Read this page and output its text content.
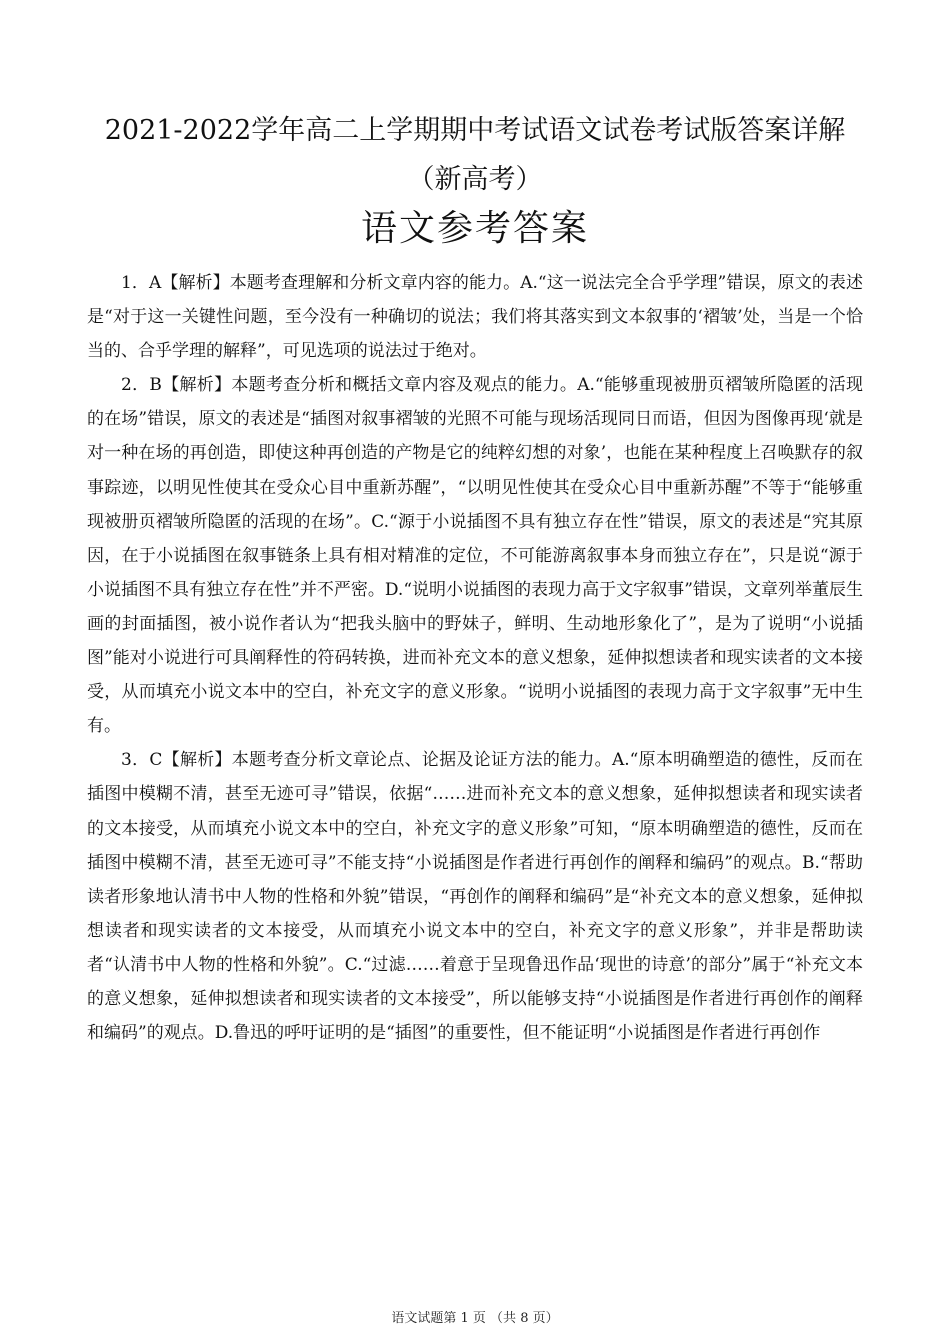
2021-2022学年高二上学期期中考试语文试卷考试版答案详解
（新高考）
语文参考答案

1．A【解析】本题考查理解和分析文章内容的能力。A.“这一说法完全合乎学理”错误，原文的表述是“对于这一关键性问题，至今没有一种确切的说法；我们将其落实到文本叙事的‘褶皱’处，当是一个恰当的、合乎学理的解释”，可见选项的说法过于绝对。

2．B【解析】本题考查分析和概括文章内容及观点的能力。A.“能够重现被册页褶皱所隐匿的活现的在场”错误，原文的表述是“插图对叙事褶皱的光照不可能与现场活现同日而语，但因为图像再现‘就是对一种在场的再创造，即使这种再创造的产物是它的纯粹幻想的对象’，也能在某种程度上召唤默存的叙事踪迹，以明见性使其在受众心目中重新苏醒”，“以明见性使其在受众心目中重新苏醒”不等于“能够重现被册页褶皱所隐匿的活现的在场”。C.“源于小说插图不具有独立存在性”错误，原文的表述是“究其原因，在于小说插图在叙事链条上具有相对精准的定位，不可能游离叙事本身而独立存在”，只是说“源于小说插图不具有独立存在性”并不严密。D.“说明小说插图的表现力高于文字叙事”错误，文章列举董辰生画的封面插图，被小说作者认为“把我头脑中的野妹子，鲜明、生动地形象化了”，是为了说明“小说插图”能对小说进行可具阐释性的符码转换，进而补充文本的意义想象，延伸拟想读者和现实读者的文本接受，从而填充小说文本中的空白，补充文字的意义形象。“说明小说插图的表现力高于文字叙事”无中生有。

3．C【解析】本题考查分析文章论点、论据及论证方法的能力。A.“原本明确塑造的德性，反而在插图中模糊不清，甚至无迹可寻”错误，依据“……进而补充文本的意义想象，延伸拟想读者和现实读者的文本接受，从而填充小说文本中的空白，补充文字的意义形象”可知，“原本明确塑造的德性，反而在插图中模糊不清，甚至无迹可寻”不能支持“小说插图是作者进行再创作的阐释和编码”的观点。B.“帮助读者形象地认清书中人物的性格和外貌”错误，“再创作的阐释和编码”是“补充文本的意义想象，延伸拟想读者和现实读者的文本接受，从而填充小说文本中的空白，补充文字的意义形象”，并非是帮助读者“认清书中人物的性格和外貌”。C.“过滤……着意于呈现鲁迅作品‘现世的诗意’的部分”属于“补充文本的意义想象，延伸拟想读者和现实读者的文本接受”，所以能够支持“小说插图是作者进行再创作的阐释和编码”的观点。D.鲁迅的呼吁证明的是“插图”的重要性，但不能证明“小说插图是作者进行再创作

语文试题第 1 页 （共 8 页）
